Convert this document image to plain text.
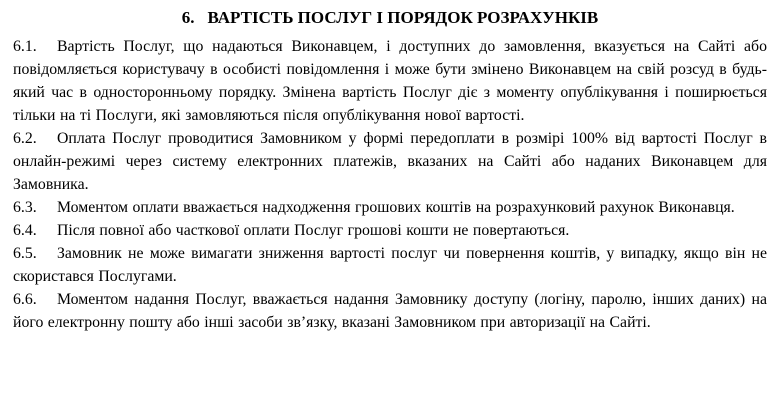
6. ВАРТІСТЬ ПОСЛУГ І ПОРЯДОК РОЗРАХУНКІВ

6.1. Вартість Послуг, що надаються Виконавцем, і доступних до замовлення, вказується на Сайті або повідомляється користувачу в особисті повідомлення і може бути змінено Виконавцем на свій розсуд в будь-який час в односторонньому порядку. Змінена вартість Послуг діє з моменту опублікування і поширюється тільки на ті Послуги, які замовляються після опублікування нової вартості.

6.2. Оплата Послуг проводитися Замовником у формі передоплати в розмірі 100% від вартості Послуг в онлайн-режимі через систему електронних платежів, вказаних на Сайті або наданих Виконавцем для Замовника.

6.3. Моментом оплати вважається надходження грошових коштів на розрахунковий рахунок Виконавця.

6.4. Після повної або часткової оплати Послуг грошові кошти не повертаються.

6.5. Замовник не може вимагати зниження вартості послуг чи повернення коштів, у випадку, якщо він не скористався Послугами.

6.6. Моментом надання Послуг, вважається надання Замовнику доступу (логіну, паролю, інших даних) на його електронну пошту або інші засоби зв’язку, вказані Замовником при авторизації на Сайті.
